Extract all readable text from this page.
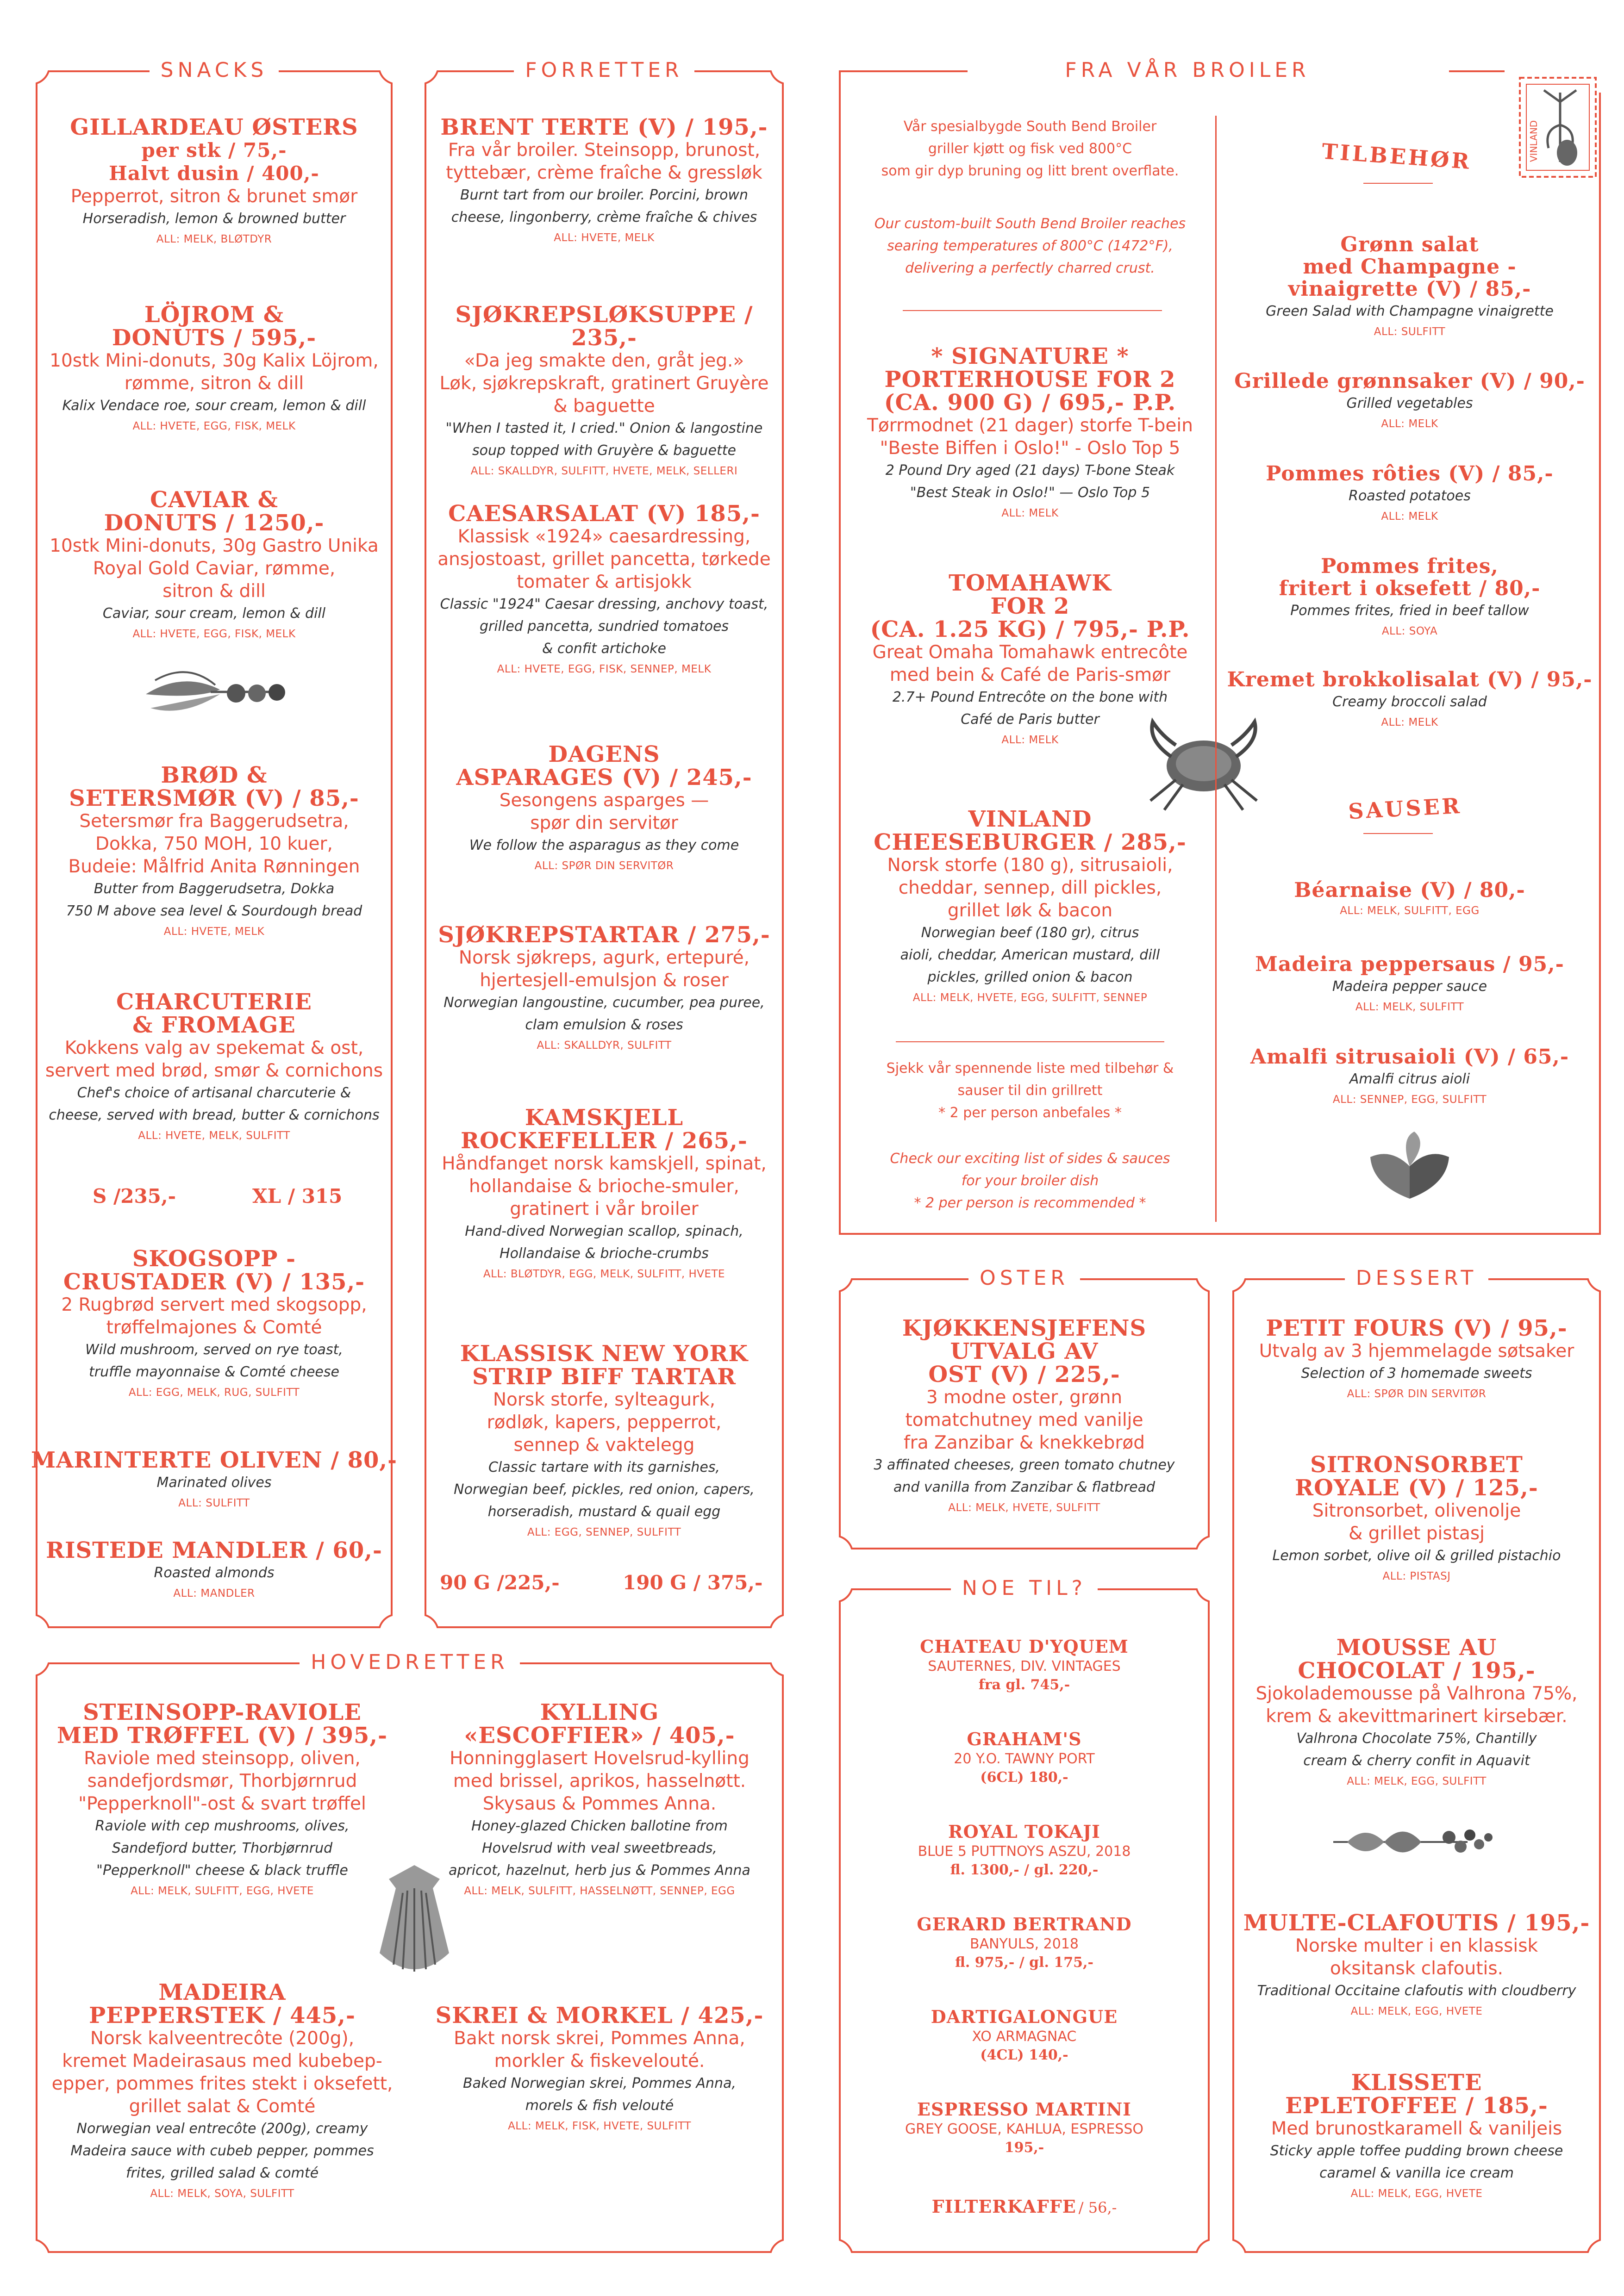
SNACKS
GILLARDEAU ØSTERS
per stk / 75,-
Halvt dusin / 400,-
Pepperrot, sitron & brunet smør
Horseradish, lemon & browned butter
ALL: MELK, BLØTDYR
LÖJROM &
DONUTS / 595,-
10stk Mini-donuts, 30g Kalix Löjrom,
rømme, sitron & dill
Kalix Vendace roe, sour cream, lemon & dill
ALL: HVETE, EGG, FISK, MELK
CAVIAR &
DONUTS / 1250,-
10stk Mini-donuts, 30g Gastro Unika
Royal Gold Caviar, rømme,
sitron & dill
Caviar, sour cream, lemon & dill
ALL: HVETE, EGG, FISK, MELK
BRØD &
SETERSMØR (V) / 85,-
Setersmør fra Baggerudsetra,
Dokka, 750 MOH, 10 kuer,
Budeie: Målfrid Anita Rønningen
Butter from Baggerudsetra, Dokka
750 M above sea level & Sourdough bread
ALL: HVETE, MELK
CHARCUTERIE
& FROMAGE
Kokkens valg av spekemat & ost,
servert med brød, smør & cornichons
Chef's choice of artisanal charcuterie &
cheese, served with bread, butter & cornichons
ALL: HVETE, MELK, SULFITT
S /235,-	XL / 315
SKOGSOPP -
CRUSTADER (V) / 135,-
2 Rugbrød servert med skogsopp,
trøffelmajones & Comté
Wild mushroom, served on rye toast,
truffle mayonnaise & Comté cheese
ALL: EGG, MELK, RUG, SULFITT
MARINTERTE OLIVEN / 80,-
Marinated olives
ALL: SULFITT
RISTEDE MANDLER / 60,-
Roasted almonds
ALL: MANDLER
FORRETTER
BRENT TERTE (V) / 195,-
Fra vår broiler. Steinsopp, brunost,
tyttebær, crème fraîche & gressløk
Burnt tart from our broiler. Porcini, brown
cheese, lingonberry, crème fraîche & chives
ALL: HVETE, MELK
SJØKREPSLØKSUPPE / 235,-
«Da jeg smakte den, gråt jeg.»
Løk, sjøkrepskraft, gratinert Gruyère
& baguette
"When I tasted it, I cried." Onion & langostine
soup topped with Gruyère & baguette
ALL: SKALLDYR, SULFITT, HVETE, MELK, SELLERI
CAESARSALAT (V) 185,-
Klassisk «1924» caesardressing,
ansjostoast, grillet pancetta, tørkede
tomater & artisjokk
Classic "1924" Caesar dressing, anchovy toast,
grilled pancetta, sundried tomatoes
& confit artichoke
ALL: HVETE, EGG, FISK, SENNEP, MELK
DAGENS
ASPARAGES (V) / 245,-
Sesongens asparges —
spør din servitør
We follow the asparagus as they come
ALL: SPØR DIN SERVITØR
SJØKREPSTARTAR / 275,-
Norsk sjøkreps, agurk, ertepuré,
hjertesjell-emulsjon & roser
Norwegian langoustine, cucumber, pea puree,
clam emulsion & roses
ALL: SKALLDYR, SULFITT
KAMSKJELL
ROCKEFELLER / 265,-
Håndfanget norsk kamskjell, spinat,
hollandaise & brioche-smuler,
gratinert i vår broiler
Hand-dived Norwegian scallop, spinach,
Hollandaise & brioche-crumbs
ALL: BLØTDYR, EGG, MELK, SULFITT, HVETE
KLASSISK NEW YORK
STRIP BIFF TARTAR
Norsk storfe, sylteagurk,
rødløk, kapers, pepperrot,
sennep & vaktelegg
Classic tartare with its garnishes,
Norwegian beef, pickles, red onion, capers,
horseradish, mustard & quail egg
ALL: EGG, SENNEP, SULFITT
90 G /225,-	190 G / 375,-
FRA VÅR BROILER
Vår spesialbygde South Bend Broiler
griller kjøtt og fisk ved 800°C
som gir dyp bruning og litt brent overflate.
Our custom-built South Bend Broiler reaches
searing temperatures of 800°C (1472°F),
delivering a perfectly charred crust.
* SIGNATURE *
PORTERHOUSE FOR 2
(CA. 900 G) / 695,- P.P.
Tørrmodnet (21 dager) storfe T-bein
"Beste Biffen i Oslo!" - Oslo Top 5
2 Pound Dry aged (21 days) T-bone Steak
"Best Steak in Oslo!" — Oslo Top 5
ALL: MELK
TOMAHAWK
FOR 2
(CA. 1.25 KG) / 795,- P.P.
Great Omaha Tomahawk entrecôte
med bein & Café de Paris-smør
2.7+ Pound Entrecôte on the bone with
Café de Paris butter
ALL: MELK
VINLAND
CHEESEBURGER / 285,-
Norsk storfe (180 g), sitrusaioli,
cheddar, sennep, dill pickles,
grillet løk & bacon
Norwegian beef (180 gr), citrus
aioli, cheddar, American mustard, dill
pickles, grilled onion & bacon
ALL: MELK, HVETE, EGG, SULFITT, SENNEP
Sjekk vår spennende liste med tilbehør &
sauser til din grillrett
* 2 per person anbefales *
Check our exciting list of sides & sauces
for your broiler dish
* 2 per person is recommended *
TILBEHØR
Grønn salat
med Champagne -
vinaigrette (V) / 85,-
Green Salad with Champagne vinaigrette
ALL: SULFITT
Grillede grønnsaker (V) / 90,-
Grilled vegetables
ALL: MELK
Pommes rôties (V) / 85,-
Roasted potatoes
ALL: MELK
Pommes frites,
fritert i oksefett / 80,-
Pommes frites, fried in beef tallow
ALL: SOYA
Kremet brokkolisalat (V) / 95,-
Creamy broccoli salad
ALL: MELK
SAUSER
Béarnaise (V) / 80,-
ALL: MELK, SULFITT, EGG
Madeira peppersaus / 95,-
Madeira pepper sauce
ALL: MELK, SULFITT
Amalfi sitrusaioli (V) / 65,-
Amalfi citrus aioli
ALL: SENNEP, EGG, SULFITT
VINLAND
OSTER
KJØKKENSJEFENS
UTVALG AV
OST (V) / 225,-
3 modne oster, grønn
tomatchutney med vanilje
fra Zanzibar & knekkebrød
3 affinated cheeses, green tomato chutney
and vanilla from Zanzibar & flatbread
ALL: MELK, HVETE, SULFITT
NOE TIL?
CHATEAU D'YQUEM
SAUTERNES, DIV. VINTAGES
fra gl. 745,-
GRAHAM'S
20 Y.O. TAWNY PORT
(6CL) 180,-
ROYAL TOKAJI
BLUE 5 PUTTNOYS ASZU, 2018
fl. 1300,- / gl. 220,-
GERARD BERTRAND
BANYULS, 2018
fl. 975,- / gl. 175,-
DARTIGALONGUE
XO ARMAGNAC
(4CL) 140,-
ESPRESSO MARTINI
GREY GOOSE, KAHLUA, ESPRESSO
195,-
FILTERKAFFE / 56,-
DESSERT
PETIT FOURS (V) / 95,-
Utvalg av 3 hjemmelagde søtsaker
Selection of 3 homemade sweets
ALL: SPØR DIN SERVITØR
SITRONSORBET
ROYALE (V) / 125,-
Sitronsorbet, olivenolje
& grillet pistasj
Lemon sorbet, olive oil & grilled pistachio
ALL: PISTASJ
MOUSSE AU
CHOCOLAT / 195,-
Sjokolademousse på Valhrona 75%,
krem & akevittmarinert kirsebær.
Valhrona Chocolate 75%, Chantilly
cream & cherry confit in Aquavit
ALL: MELK, EGG, SULFITT
MULTE-CLAFOUTIS / 195,-
Norske multer i en klassisk
oksitansk clafoutis.
Traditional Occitaine clafoutis with cloudberry
ALL: MELK, EGG, HVETE
KLISSETE
EPLETOFFEE / 185,-
Med brunostkaramell & vaniljeis
Sticky apple toffee pudding brown cheese
caramel & vanilla ice cream
ALL: MELK, EGG, HVETE
HOVEDRETTER
STEINSOPP-RAVIOLE
MED TRØFFEL (V) / 395,-
Raviole med steinsopp, oliven,
sandefjordsmør, Thorbjørnrud
"Pepperknoll"-ost & svart trøffel
Raviole with cep mushrooms, olives,
Sandefjord butter, Thorbjørnrud
"Pepperknoll" cheese & black truffle
ALL: MELK, SULFITT, EGG, HVETE
MADEIRA
PEPPERSTEK / 445,-
Norsk kalveentrecôte (200g),
kremet Madeirasaus med kubebep-
epper, pommes frites stekt i oksefett,
grillet salat & Comté
Norwegian veal entrecôte (200g), creamy
Madeira sauce with cubeb pepper, pommes
frites, grilled salad & comté
ALL: MELK, SOYA, SULFITT
KYLLING
«ESCOFFIER» / 405,-
Honningglasert Hovelsrud-kylling
med brissel, aprikos, hasselnøtt.
Skysaus & Pommes Anna.
Honey-glazed Chicken ballotine from
Hovelsrud with veal sweetbreads,
apricot, hazelnut, herb jus & Pommes Anna
ALL: MELK, SULFITT, HASSELNØTT, SENNEP, EGG
SKREI & MORKEL / 425,-
Bakt norsk skrei, Pommes Anna,
morkler & fiskevelouté.
Baked Norwegian skrei, Pommes Anna,
morels & fish velouté
ALL: MELK, FISK, HVETE, SULFITT
